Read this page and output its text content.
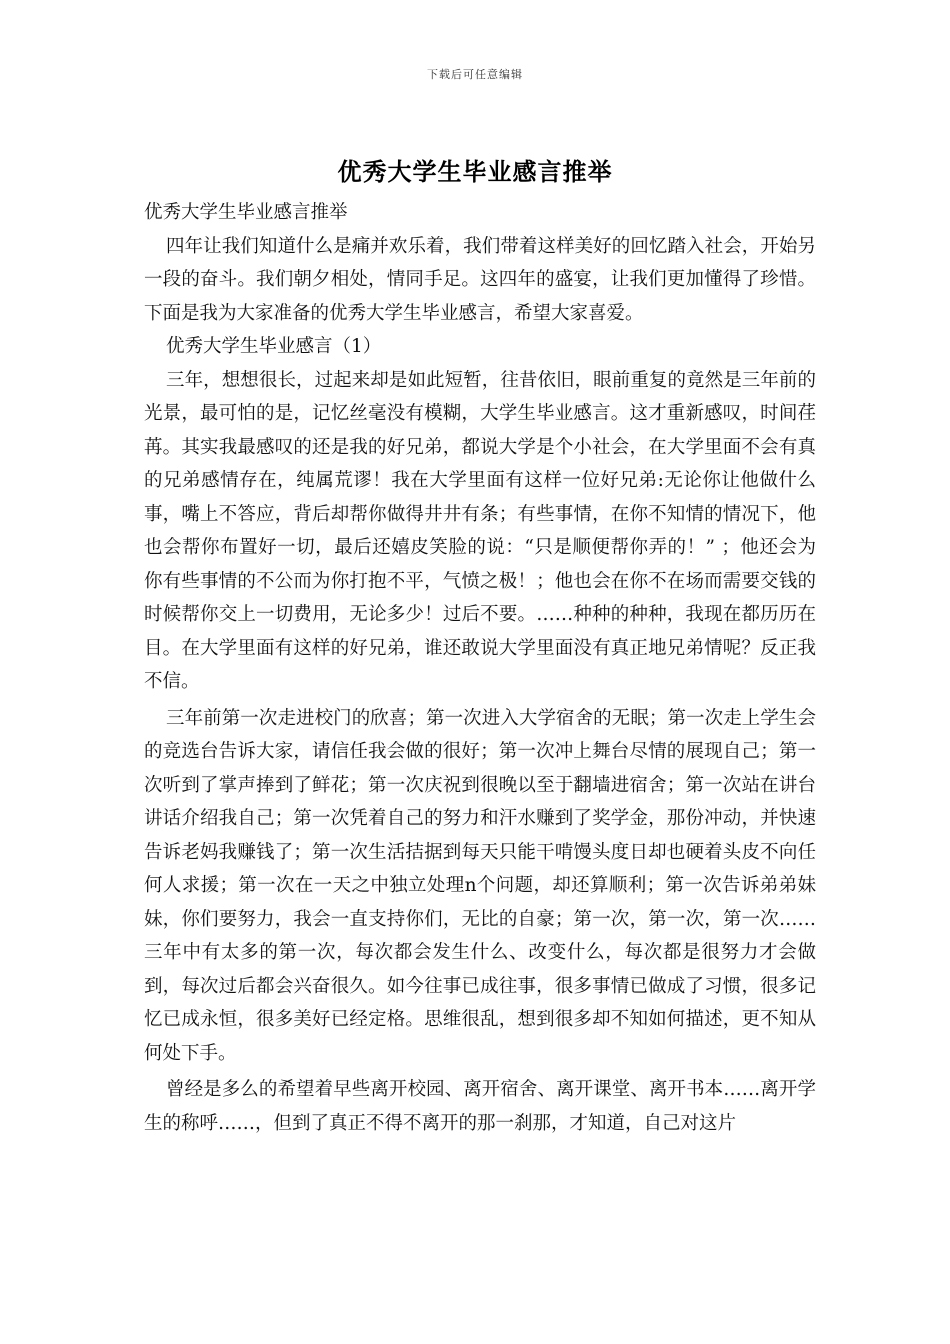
下载后可任意编辑
优秀大学生毕业感言推举

优秀大学生毕业感言推举

四年让我们知道什么是痛并欢乐着，我们带着这样美好的回忆踏入社会，开始另一段的奋斗。我们朝夕相处，情同手足。这四年的盛宴，让我们更加懂得了珍惜。下面是我为大家准备的优秀大学生毕业感言，希望大家喜爱。

优秀大学生毕业感言（1）

三年，想想很长，过起来却是如此短暂，往昔依旧，眼前重复的竟然是三年前的光景，最可怕的是，记忆丝毫没有模糊，大学生毕业感言。这才重新感叹，时间荏苒。其实我最感叹的还是我的好兄弟，都说大学是个小社会，在大学里面不会有真的兄弟感情存在，纯属荒谬！我在大学里面有这样一位好兄弟:无论你让他做什么事，嘴上不答应，背后却帮你做得井井有条；有些事情，在你不知情的情况下，他也会帮你布置好一切，最后还嬉皮笑脸的说：“只是顺便帮你弄的！” ；他还会为你有些事情的不公而为你打抱不平，气愤之极！；他也会在你不在场而需要交钱的时候帮你交上一切费用，无论多少！过后不要。……种种的种种，我现在都历历在目。在大学里面有这样的好兄弟，谁还敢说大学里面没有真正地兄弟情呢？反正我不信。

三年前第一次走进校门的欣喜；第一次进入大学宿舍的无眠；第一次走上学生会的竞选台告诉大家，请信任我会做的很好；第一次冲上舞台尽情的展现自己；第一次听到了掌声捧到了鲜花；第一次庆祝到很晚以至于翻墙进宿舍；第一次站在讲台讲话介绍我自己；第一次凭着自己的努力和汗水赚到了奖学金，那份冲动，并快速告诉老妈我赚钱了；第一次生活拮据到每天只能干啃馒头度日却也硬着头皮不向任何人求援；第一次在一天之中独立处理n个问题，却还算顺利；第一次告诉弟弟妹妹，你们要努力，我会一直支持你们，无比的自豪；第一次，第一次，第一次……三年中有太多的第一次，每次都会发生什么、改变什么，每次都是很努力才会做到，每次过后都会兴奋很久。如今往事已成往事，很多事情已做成了习惯，很多记忆已成永恒，很多美好已经定格。思维很乱，想到很多却不知如何描述，更不知从何处下手。

曾经是多么的希望着早些离开校园、离开宿舍、离开课堂、离开书本……离开学生的称呼……，但到了真正不得不离开的那一刹那，才知道，自己对这片
